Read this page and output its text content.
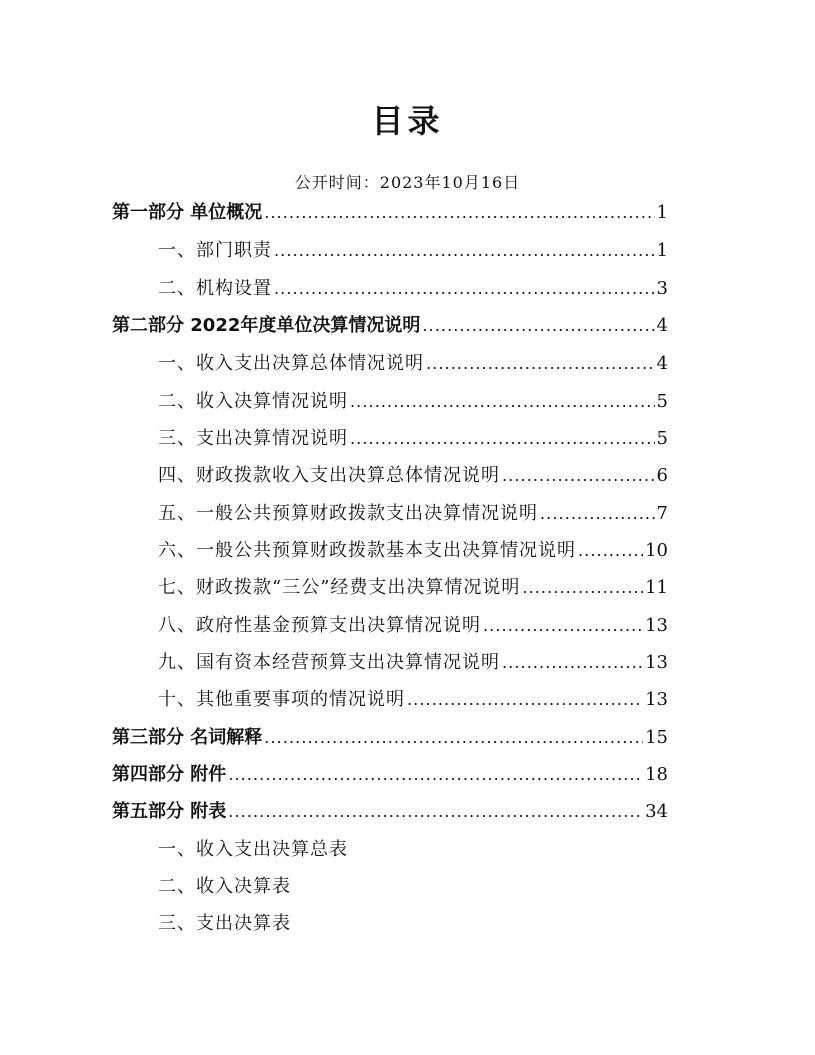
目录
公开时间：2023年10月16日
第一部分 单位概况 . . .	1
一、部门职责 . . .	1
二、机构设置 . . .	3
第二部分 2022年度单位决算情况说明 . . .	4
一、收入支出决算总体情况说明 . . .	4
二、收入决算情况说明 . . .	5
三、支出决算情况说明 . . .	5
四、财政拨款收入支出决算总体情况说明 . . .	6
五、一般公共预算财政拨款支出决算情况说明 . . .	7
六、一般公共预算财政拨款基本支出决算情况说明 . . .	10
七、财政拨款“三公”经费支出决算情况说明 . . .	11
八、政府性基金预算支出决算情况说明 . . .	13
九、国有资本经营预算支出决算情况说明 . . .	13
十、其他重要事项的情况说明 . . .	13
第三部分 名词解释 . . .	15
第四部分 附件 . . .	18
第五部分 附表 . . .	34
一、收入支出决算总表
二、收入决算表
三、支出决算表
